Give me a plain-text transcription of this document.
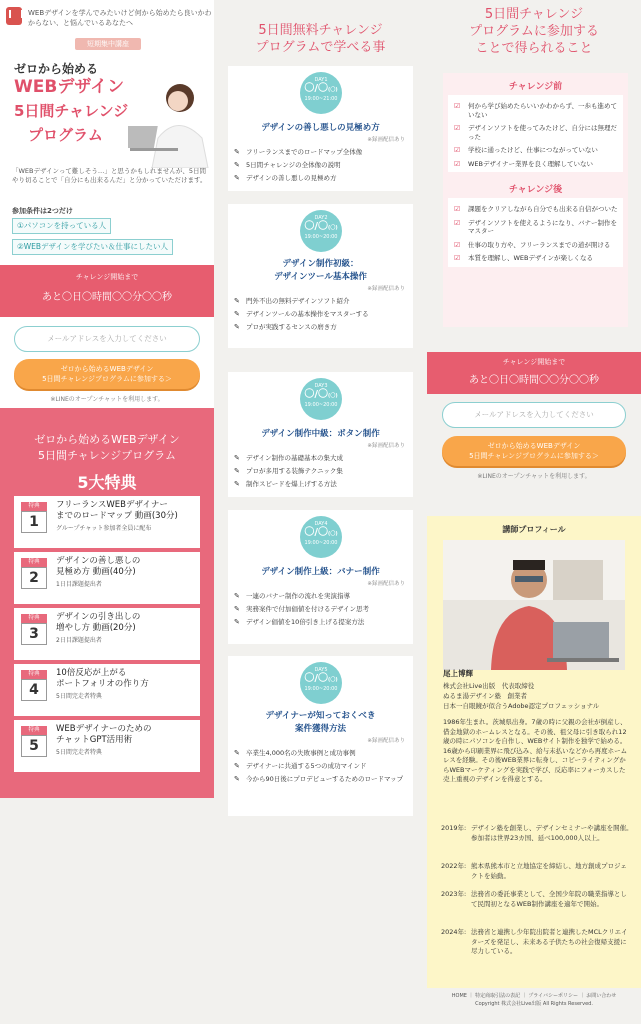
WEBデザインを学んでみたいけど何から始めたら良いかわからない、と悩んでいるあなたへ
短期集中講座
ゼロから始める
WEBデザイン
5日間チャレンジ
プログラム
「WEBデザインって難しそう…」と思うかもしれませんが、5日間やり切ることで「自分にも出来るんだ」と分かっていただけます。
参加条件は2つだけ
①パソコンを持っている人
②WEBデザインを学びたい＆仕事にしたい人
チャレンジ開始まで
あと〇日〇時間〇〇分〇〇秒
メールアドレスを入力してください
ゼロから始めるWEBデザイン
5日間チャレンジプログラムに参加する＞
※LINEのオープンチャットを利用します。
ゼロから始めるWEBデザイン
5日間チャレンジプログラム
5大特典
特典
1
フリーランスWEBデザイナー
までのロードマップ 動画(30分)
グループチャット参加者全員に配布
特典
2
デザインの善し悪しの
見極め方 動画(40分)
1日目課題提出者
特典
3
デザインの引き出しの
増やし方 動画(20分)
2日目課題提出者
特典
4
10倍反応が上がる
ポートフォリオの作り方
5日間完走者特典
特典
5
WEBデザイナーのための
チャットGPT活用術
5日間完走者特典
5日間無料チャレンジ
プログラムで学べる事
DAY1
〇/〇(〇)
19:00~21:00
デザインの善し悪しの見極め方
※録画配信あり
✎ フリーランスまでのロードマップ全体像
✎ 5日間チャレンジの全体像の説明
✎ デザインの善し悪しの見極め方
DAY2
〇/〇(〇)
19:00~20:00
デザイン制作初級：
デザインツール基本操作
※録画配信あり
✎ 門外不出の無料デザインソフト紹介
✎ デザインツールの基本操作をマスターする
✎ プロが実践するセンスの磨き方
DAY3
〇/〇(〇)
19:00~20:00
デザイン制作中級：ボタン制作
※録画配信あり
✎ デザイン制作の基礎基本の集大成
✎ プロが多用する装飾テクニック集
✎ 制作スピードを爆上げする方法
DAY4
〇/〇(〇)
19:00~20:00
デザイン制作上級：バナー制作
※録画配信あり
✎ 一連のバナー制作の流れを実演指導
✎ 実務案件で付加価値を付けるデザイン思考
✎ デザイン価値を10倍引き上げる提案方法
DAY5
〇/〇(〇)
19:00~20:00
デザイナーが知っておくべき
案件獲得方法
※録画配信あり
✎ 卒業生4,000名の失敗事例と成功事例
✎ デザイナーに共通する5つの成功マインド
✎ 今から90日後にプロデビューするためのロードマップ
5日間チャレンジ
プログラムに参加する
ことで得られること
チャレンジ前
☑ 何から学び始めたらいいかわからず、一歩も進めていない
☑ デザインソフトを使ってみたけど、自分には無理だった
☑ 学校に通ったけど、仕事につながっていない
☑ WEBデザイナー業界を良く理解していない
チャレンジ後
☑ 課題をクリアしながら自分でも出来る自信がついた
☑ デザインソフトを使えるようになり、バナー制作をマスター
☑ 仕事の取り方や、フリーランスまでの道が開ける
☑ 本質を理解し、WEBデザインが楽しくなる
チャレンジ開始まで
あと〇日〇時間〇〇分〇〇秒
メールアドレスを入力してください
ゼロから始めるWEBデザイン
5日間チャレンジプログラムに参加する＞
※LINEのオープンチャットを利用します。
講師プロフィール
尾上博輝
株式会社Live出版　代表取締役
ぬるま湯デザイン塾　創業者
日本一自眼鏡が似合うAdobe認定プロフェッショナル
1986年生まれ。茨城県出身。7歳の時に父親の会社が倒産し、借金地獄のホームレスとなる。その後、祖父母に引き取られ12歳の時にパソコンを自作し、WEBサイト制作を独学で始める。16歳から印刷業界に飛び込み、給与未払いなどから再度ホームレスを経験。その後WEB業界に転身し、コピーライティングからWEBマーケティングを実践で学び、反応率にフォーカスした売上重視のデザインを得意とする。
2019年: デザイン塾を創業し、デザインセミナーや講座を開催。参加者は世界23カ国、延べ100,000人以上。
2022年: 熊本県熊本市と立地協定を締結し、地方創成プロジェクトを始動。
2023年: 法務省の委託事業として、全国少年院の職業指導として民間初となるWEB制作講座を適年で開始。
2024年: 法務省と連携し少年院出院者と連携したMCLクリエイターズを発足し、未来ある子供たちの社会復帰支援に尽力している。
HOME ｜ 特定商取引法の表記 ｜ プライバシーポリシー ｜ お問い合わせ
Copyright 株式会社Live出版 All Rights Reserved.
